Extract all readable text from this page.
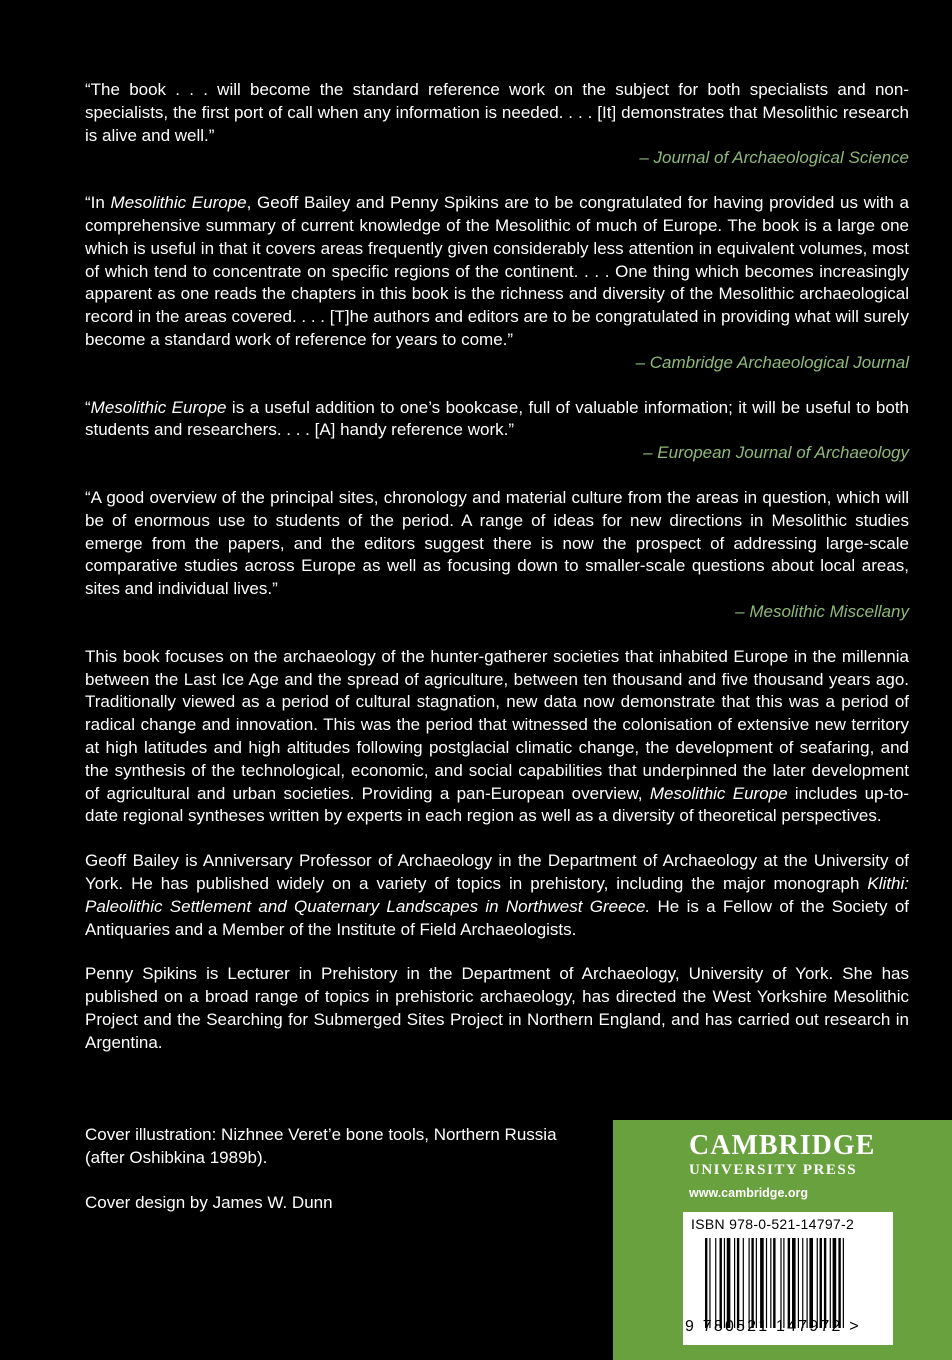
“The book . . . will become the standard reference work on the subject for both specialists and non-specialists, the first port of call when any information is needed. . . . [It] demonstrates that Mesolithic research is alive and well.”

– Journal of Archaeological Science

“In Mesolithic Europe, Geoff Bailey and Penny Spikins are to be congratulated for having provided us with a comprehensive summary of current knowledge of the Mesolithic of much of Europe. The book is a large one which is useful in that it covers areas frequently given considerably less attention in equivalent volumes, most of which tend to concentrate on specific regions of the continent. . . . One thing which becomes increasingly apparent as one reads the chapters in this book is the richness and diversity of the Mesolithic archaeological record in the areas covered. . . . [T]he authors and editors are to be congratulated in providing what will surely become a standard work of reference for years to come.”

– Cambridge Archaeological Journal

“Mesolithic Europe is a useful addition to one’s bookcase, full of valuable information; it will be useful to both students and researchers. . . . [A] handy reference work.”

– European Journal of Archaeology

“A good overview of the principal sites, chronology and material culture from the areas in question, which will be of enormous use to students of the period. A range of ideas for new directions in Mesolithic studies emerge from the papers, and the editors suggest there is now the prospect of addressing large-scale comparative studies across Europe as well as focusing down to smaller-scale questions about local areas, sites and individual lives.”

– Mesolithic Miscellany

This book focuses on the archaeology of the hunter-gatherer societies that inhabited Europe in the millennia between the Last Ice Age and the spread of agriculture, between ten thousand and five thousand years ago. Traditionally viewed as a period of cultural stagnation, new data now demonstrate that this was a period of radical change and innovation. This was the period that witnessed the colonisation of extensive new territory at high latitudes and high altitudes following postglacial climatic change, the development of seafaring, and the synthesis of the technological, economic, and social capabilities that underpinned the later development of agricultural and urban societies. Providing a pan-European overview, Mesolithic Europe includes up-to-date regional syntheses written by experts in each region as well as a diversity of theoretical perspectives.

Geoff Bailey is Anniversary Professor of Archaeology in the Department of Archaeology at the University of York. He has published widely on a variety of topics in prehistory, including the major monograph Klithi: Paleolithic Settlement and Quaternary Landscapes in Northwest Greece. He is a Fellow of the Society of Antiquaries and a Member of the Institute of Field Archaeologists.

Penny Spikins is Lecturer in Prehistory in the Department of Archaeology, University of York. She has published on a broad range of topics in prehistoric archaeology, has directed the West Yorkshire Mesolithic Project and the Searching for Submerged Sites Project in Northern England, and has carried out research in Argentina.

Cover illustration: Nizhnee Veret’e bone tools, Northern Russia (after Oshibkina 1989b).

Cover design by James W. Dunn

CAMBRIDGE
UNIVERSITY PRESS
www.cambridge.org
ISBN 978-0-521-14797-2
9 780521 147972 >
